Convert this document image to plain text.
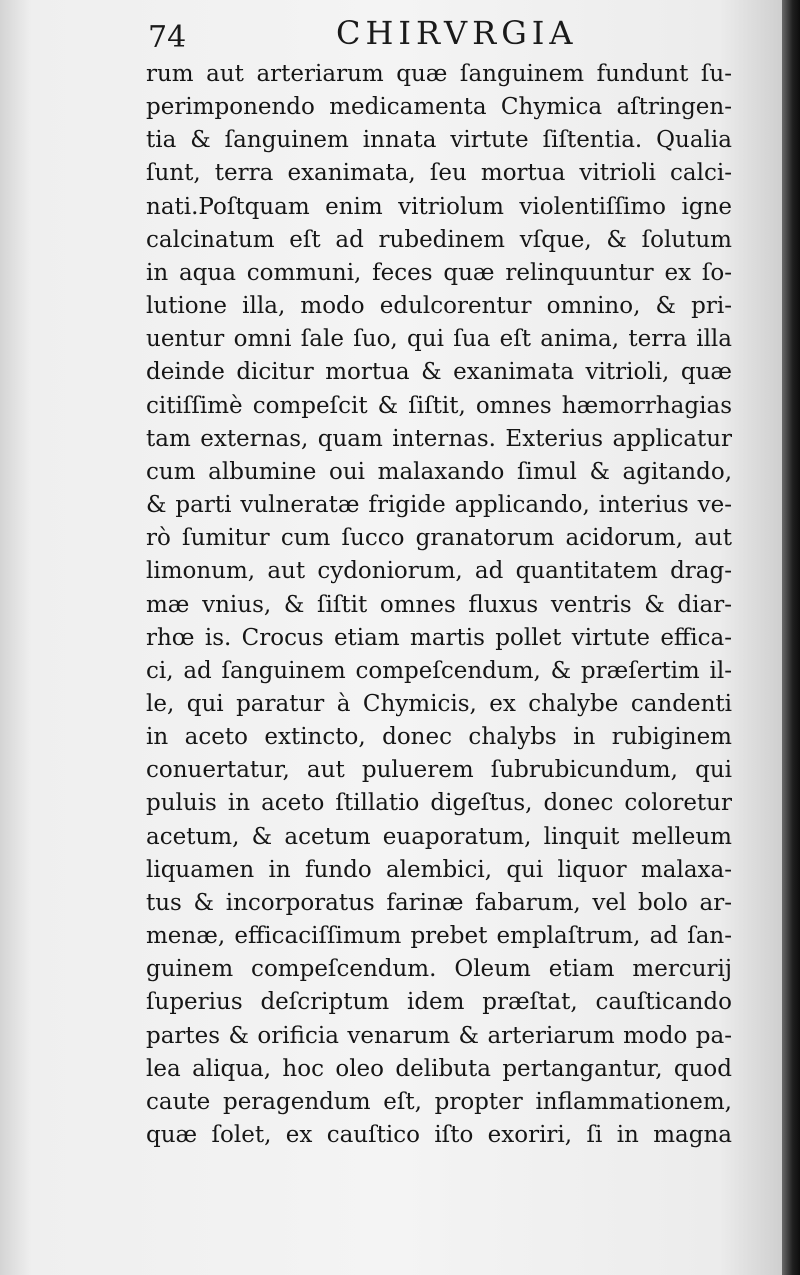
74	CHIRVRGIA
rum aut arteriarum quæ ſanguinem fundunt ſu-
perimponendo medicamenta Chymica aſtringen-
tia & ſanguinem innata virtute ſiſtentia. Qualia
ſunt, terra exanimata, ſeu mortua vitrioli calci-
nati.Poſtquam enim vitriolum violentiſſimo igne
calcinatum eſt ad rubedinem vſque, & ſolutum
in aqua communi, feces quæ relinquuntur ex ſo-
lutione illa, modo edulcorentur omnino, & pri-
uentur omni ſale ſuo, qui ſua eſt anima, terra illa
deinde dicitur mortua & exanimata vitrioli, quæ
citiſſimè compeſcit & ſiſtit, omnes hæmorrhagias
tam externas, quam internas. Exterius applicatur
cum albumine oui malaxando ſimul & agitando,
& parti vulneratæ frigide applicando, interius ve-
rò ſumitur cum ſucco granatorum acidorum, aut
limonum, aut cydoniorum, ad quantitatem drag-
mæ vnius, & ſiſtit omnes fluxus ventris & diar-
rhœ is. Crocus etiam martis pollet virtute effica-
ci, ad ſanguinem compeſcendum, & præſertim il-
le, qui paratur à Chymicis, ex chalybe candenti
in aceto extincto, donec chalybs in rubiginem
conuertatur, aut puluerem ſubrubicundum, qui
puluis in aceto ſtillatio digeſtus, donec coloretur
acetum, & acetum euaporatum, linquit melleum
liquamen in fundo alembici, qui liquor malaxa-
tus & incorporatus farinæ fabarum, vel bolo ar-
menæ, efficaciſſimum prebet emplaſtrum, ad ſan-
guinem compeſcendum. Oleum etiam mercurij
ſuperius deſcriptum idem præſtat, cauſticando
partes & orificia venarum & arteriarum modo pa-
lea aliqua, hoc oleo delibuta pertangantur, quod
caute peragendum eſt, propter inflammationem,
quæ ſolet, ex cauſtico iſto exoriri, ſi in magna
